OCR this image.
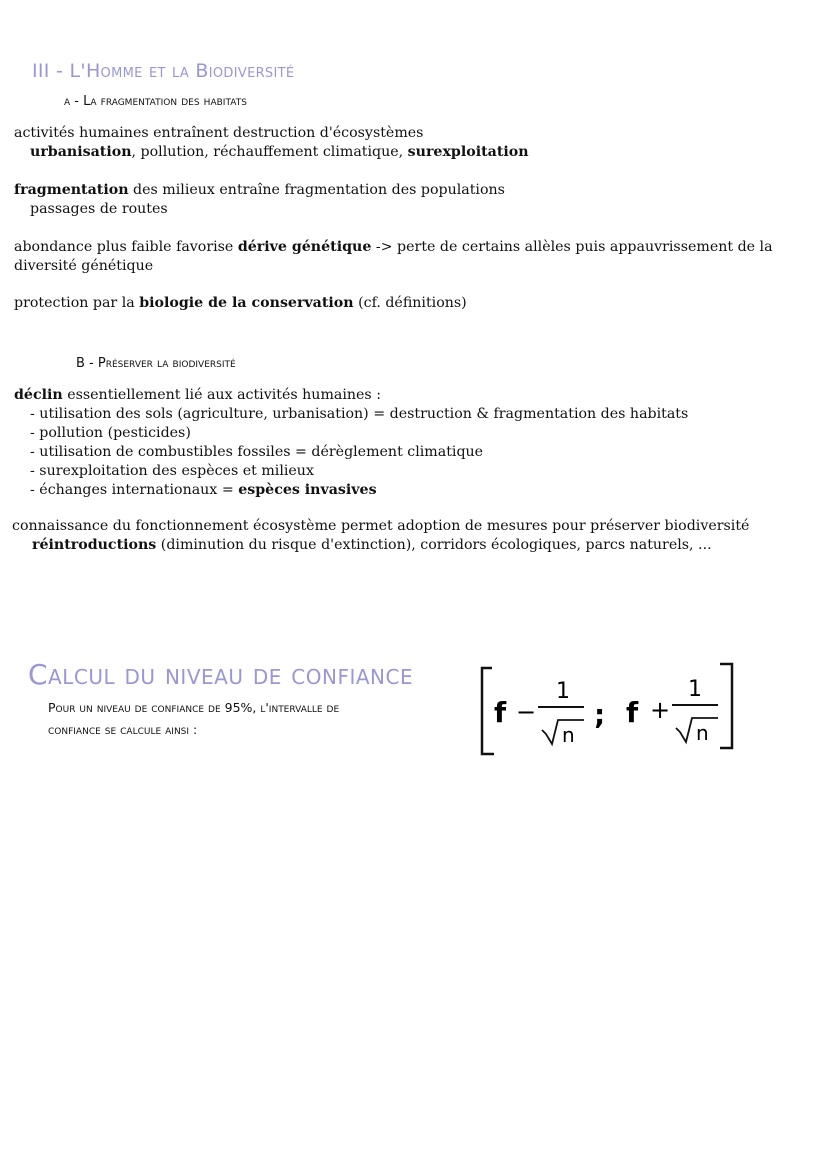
III - L'Homme et la Biodiversité
a - La fragmentation des habitats
activités humaines entraînent destruction d'écosystèmes
urbanisation, pollution, réchauffement climatique, surexploitation
fragmentation des milieux entraîne fragmentation des populations
passages de routes
abondance plus faible favorise dérive génétique -> perte de certains allèles puis appauvrissement de la
diversité génétique
protection par la biologie de la conservation (cf. définitions)
B - Préserver la biodiversité
déclin essentiellement lié aux activités humaines :
- utilisation des sols (agriculture, urbanisation) = destruction & fragmentation des habitats
- pollution (pesticides)
- utilisation de combustibles fossiles = dérèglement climatique
- surexploitation des espèces et milieux
- échanges internationaux = espèces invasives
connaissance du fonctionnement écosystème permet adoption de mesures pour préserver biodiversité
réintroductions (diminution du risque d'extinction), corridors écologiques, parcs naturels, ...
Calcul du niveau de confiance
Pour un niveau de confiance de 95%, l'intervalle de
confiance se calcule ainsi :
f −
1
n
; f +
1
n
